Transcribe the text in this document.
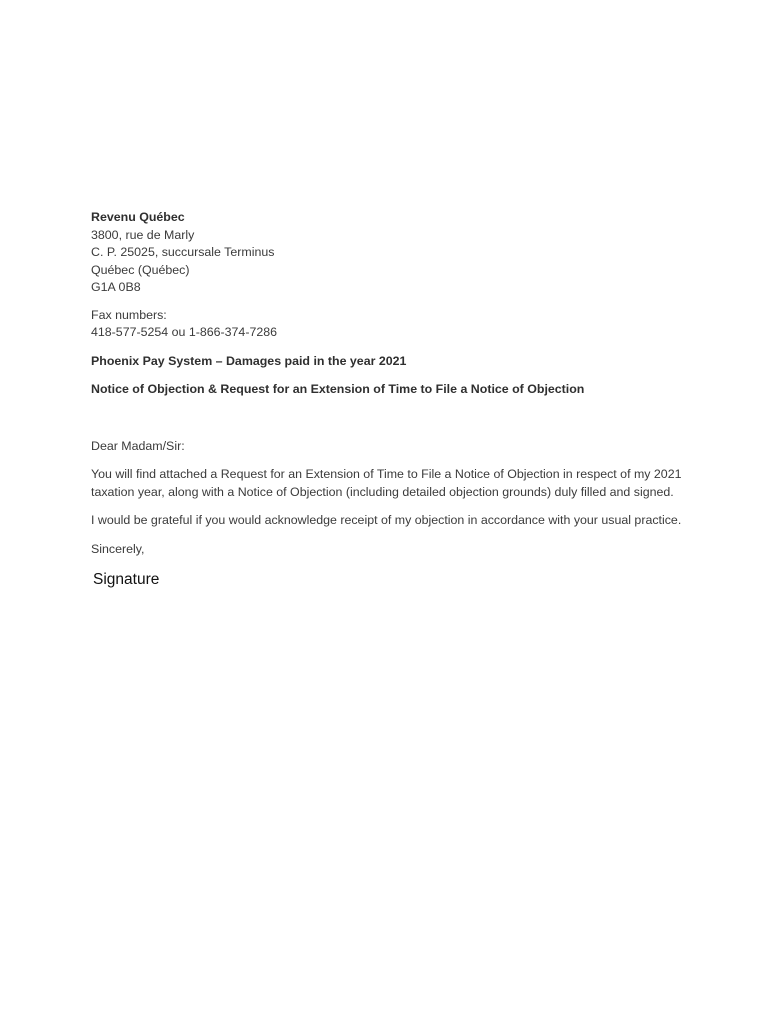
Revenu Québec
3800, rue de Marly
C. P. 25025, succursale Terminus
Québec (Québec)
G1A 0B8
Fax numbers:
418-577-5254 ou 1-866-374-7286
Phoenix Pay System – Damages paid in the year 2021
Notice of Objection & Request for an Extension of Time to File a Notice of Objection
Dear Madam/Sir:
You will find attached a Request for an Extension of Time to File a Notice of Objection in respect of my 2021 taxation year, along with a Notice of Objection (including detailed objection grounds) duly filled and signed.
I would be grateful if you would acknowledge receipt of my objection in accordance with your usual practice.
Sincerely,
Signature
